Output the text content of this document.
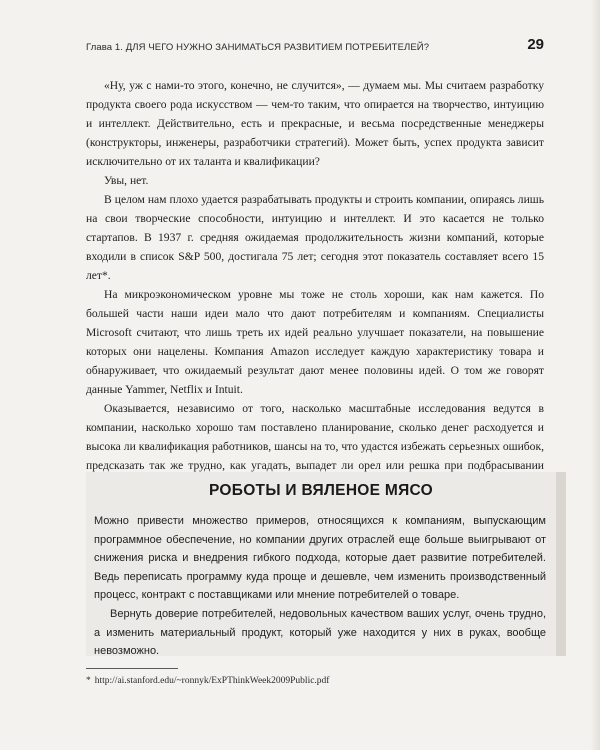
Глава 1. ДЛЯ ЧЕГО НУЖНО ЗАНИМАТЬСЯ РАЗВИТИЕМ ПОТРЕБИТЕЛЕЙ?	29

«Ну, уж с нами-то этого, конечно, не случится», — думаем мы. Мы считаем разработку продукта своего рода искусством — чем-то таким, что опирается на творчество, интуицию и интеллект. Действительно, есть и прекрасные, и весьма посредственные менеджеры (конструкторы, инженеры, разработчики стратегий). Может быть, успех продукта зависит исключительно от их таланта и квалификации?

Увы, нет.

В целом нам плохо удается разрабатывать продукты и строить компании, опираясь лишь на свои творческие способности, интуицию и интеллект. И это касается не только стартапов. В 1937 г. средняя ожидаемая продолжительность жизни компаний, которые входили в список S&P 500, достигала 75 лет; сегодня этот показатель составляет всего 15 лет*.

На микроэкономическом уровне мы тоже не столь хороши, как нам кажется. По большей части наши идеи мало что дают потребителям и компаниям. Специалисты Microsoft считают, что лишь треть их идей реально улучшает показатели, на повышение которых они нацелены. Компания Amazon исследует каждую характеристику товара и обнаруживает, что ожидаемый результат дают менее половины идей. О том же говорят данные Yammer, Netflix и Intuit.

Оказывается, независимо от того, насколько масштабные исследования ведутся в компании, насколько хорошо там поставлено планирование, сколько денег расходуется и высока ли квалификация работников, шансы на то, что удастся избежать серьезных ошибок, предсказать так же трудно, как угадать, выпадет ли орел или решка при подбрасывании

РОБОТЫ И ВЯЛЕНОЕ МЯСО

Можно привести множество примеров, относящихся к компаниям, выпускающим программное обеспечение, но компании других отраслей еще больше выигрывают от снижения риска и внедрения гибкого подхода, которые дает развитие потребителей. Ведь переписать программу куда проще и дешевле, чем изменить производственный процесс, контракт с поставщиками или мнение потребителей о товаре.

Вернуть доверие потребителей, недовольных качеством ваших услуг, очень трудно, а изменить материальный продукт, который уже находится у них в руках, вообще невозможно.

* http://ai.stanford.edu/~ronnyk/ExPThinkWeek2009Public.pdf
